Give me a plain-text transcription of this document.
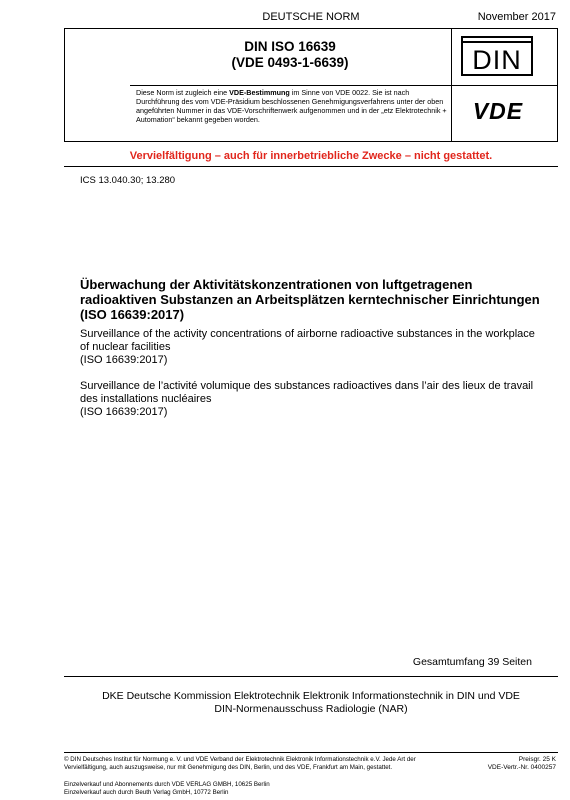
DEUTSCHE NORM	November 2017
DIN ISO 16639
(VDE 0493-1-6639)
Diese Norm ist zugleich eine VDE-Bestimmung im Sinne von VDE 0022. Sie ist nach Durchführung des vom VDE-Präsidium beschlossenen Genehmigungsverfahrens unter der oben angeführten Nummer in das VDE-Vorschriftenwerk aufgenommen und in der „etz Elektrotechnik + Automation“ bekannt gegeben worden.
DIN
VDE
Vervielfältigung – auch für innerbetriebliche Zwecke – nicht gestattet.
ICS 13.040.30; 13.280
Überwachung der Aktivitätskonzentrationen von luftgetragenen radioaktiven Substanzen an Arbeitsplätzen kerntechnischer Einrichtungen (ISO 16639:2017)
Surveillance of the activity concentrations of airborne radioactive substances in the workplace of nuclear facilities
(ISO 16639:2017)
Surveillance de l’activité volumique des substances radioactives dans l’air des lieux de travail des installations nucléaires
(ISO 16639:2017)
Gesamtumfang 39 Seiten
DKE Deutsche Kommission Elektrotechnik Elektronik Informationstechnik in DIN und VDE
DIN-Normenausschuss Radiologie (NAR)
© DIN Deutsches Institut für Normung e. V. und VDE Verband der Elektrotechnik Elektronik Informationstechnik e.V. Jede Art der Vervielfältigung, auch auszugsweise, nur mit Genehmigung des DIN, Berlin, und des VDE, Frankfurt am Main, gestattet.
Einzelverkauf und Abonnements durch VDE VERLAG GMBH, 10625 Berlin
Einzelverkauf auch durch Beuth Verlag GmbH, 10772 Berlin
Preisgr. 25 K
VDE-Vertr.-Nr. 0400257
